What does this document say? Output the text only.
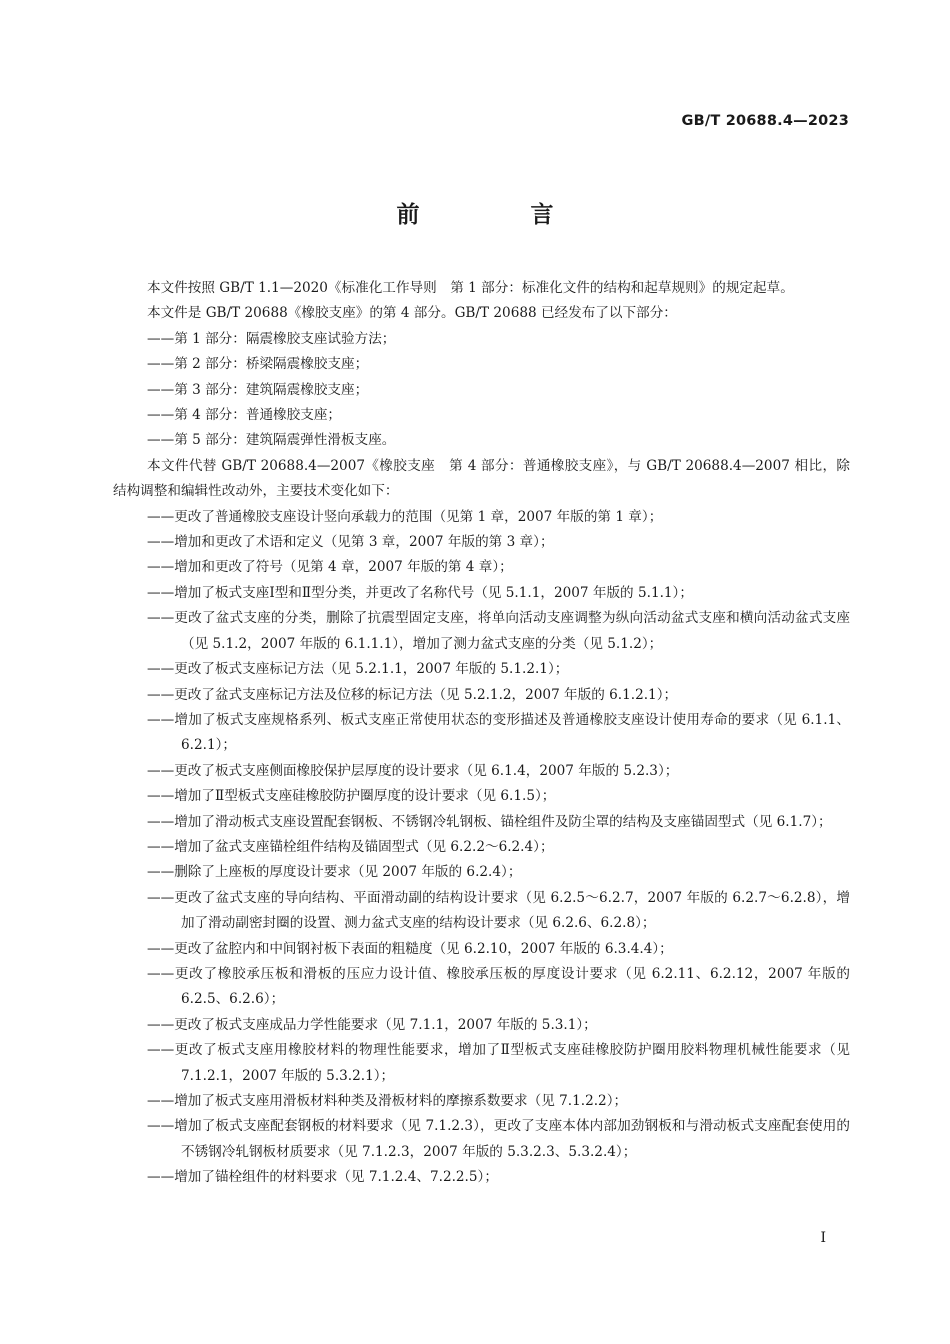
GB/T 20688.4—2023
前　言
本文件按照 GB/T 1.1—2020《标准化工作导则　第 1 部分：标准化文件的结构和起草规则》的规定起草。
本文件是 GB/T 20688《橡胶支座》的第 4 部分。GB/T 20688 已经发布了以下部分：
——第 1 部分：隔震橡胶支座试验方法；
——第 2 部分：桥梁隔震橡胶支座；
——第 3 部分：建筑隔震橡胶支座；
——第 4 部分：普通橡胶支座；
——第 5 部分：建筑隔震弹性滑板支座。
本文件代替 GB/T 20688.4—2007《橡胶支座　第 4 部分：普通橡胶支座》，与 GB/T 20688.4—2007 相比，除结构调整和编辑性改动外，主要技术变化如下：
——更改了普通橡胶支座设计竖向承载力的范围（见第 1 章，2007 年版的第 1 章）；
——增加和更改了术语和定义（见第 3 章，2007 年版的第 3 章）；
——增加和更改了符号（见第 4 章，2007 年版的第 4 章）；
——增加了板式支座Ⅰ型和Ⅱ型分类，并更改了名称代号（见 5.1.1，2007 年版的 5.1.1）；
——更改了盆式支座的分类，删除了抗震型固定支座，将单向活动支座调整为纵向活动盆式支座和横向活动盆式支座（见 5.1.2，2007 年版的 6.1.1.1），增加了测力盆式支座的分类（见 5.1.2）；
——更改了板式支座标记方法（见 5.2.1.1，2007 年版的 5.1.2.1）；
——更改了盆式支座标记方法及位移的标记方法（见 5.2.1.2，2007 年版的 6.1.2.1）；
——增加了板式支座规格系列、板式支座正常使用状态的变形描述及普通橡胶支座设计使用寿命的要求（见 6.1.1、6.2.1）；
——更改了板式支座侧面橡胶保护层厚度的设计要求（见 6.1.4，2007 年版的 5.2.3）；
——增加了Ⅱ型板式支座硅橡胶防护圈厚度的设计要求（见 6.1.5）；
——增加了滑动板式支座设置配套钢板、不锈钢冷轧钢板、锚栓组件及防尘罩的结构及支座锚固型式（见 6.1.7）；
——增加了盆式支座锚栓组件结构及锚固型式（见 6.2.2～6.2.4）；
——删除了上座板的厚度设计要求（见 2007 年版的 6.2.4）；
——更改了盆式支座的导向结构、平面滑动副的结构设计要求（见 6.2.5～6.2.7，2007 年版的 6.2.7～6.2.8），增加了滑动副密封圈的设置、测力盆式支座的结构设计要求（见 6.2.6、6.2.8）；
——更改了盆腔内和中间钢衬板下表面的粗糙度（见 6.2.10，2007 年版的 6.3.4.4）；
——更改了橡胶承压板和滑板的压应力设计值、橡胶承压板的厚度设计要求（见 6.2.11、6.2.12，2007 年版的 6.2.5、6.2.6）；
——更改了板式支座成品力学性能要求（见 7.1.1，2007 年版的 5.3.1）；
——更改了板式支座用橡胶材料的物理性能要求，增加了Ⅱ型板式支座硅橡胶防护圈用胶料物理机械性能要求（见 7.1.2.1，2007 年版的 5.3.2.1）；
——增加了板式支座用滑板材料种类及滑板材料的摩擦系数要求（见 7.1.2.2）；
——增加了板式支座配套钢板的材料要求（见 7.1.2.3），更改了支座本体内部加劲钢板和与滑动板式支座配套使用的不锈钢冷轧钢板材质要求（见 7.1.2.3，2007 年版的 5.3.2.3、5.3.2.4）；
——增加了锚栓组件的材料要求（见 7.1.2.4、7.2.2.5）；
I
